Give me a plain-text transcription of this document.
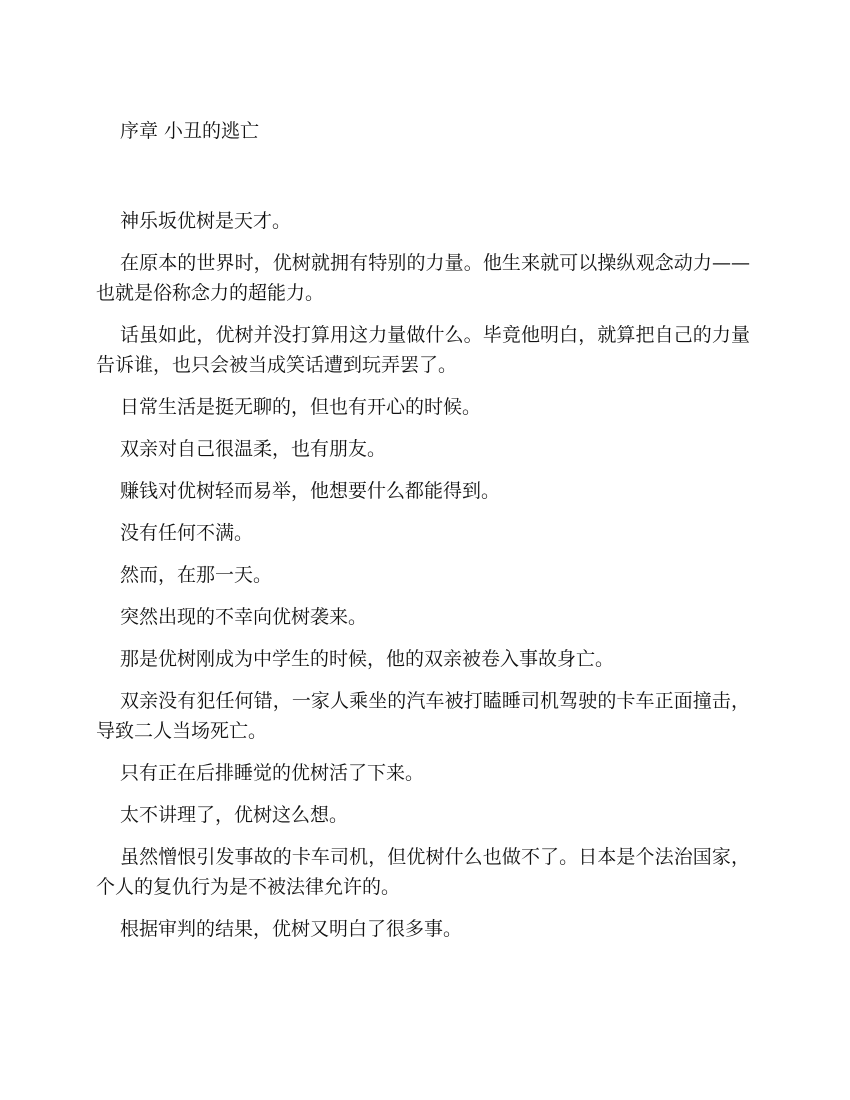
序章 小丑的逃亡

神乐坂优树是天才。

在原本的世界时，优树就拥有特别的力量。他生来就可以操纵观念动力——也就是俗称念力的超能力。

话虽如此，优树并没打算用这力量做什么。毕竟他明白，就算把自己的力量告诉谁，也只会被当成笑话遭到玩弄罢了。

日常生活是挺无聊的，但也有开心的时候。

双亲对自己很温柔，也有朋友。

赚钱对优树轻而易举，他想要什么都能得到。

没有任何不满。

然而，在那一天。

突然出现的不幸向优树袭来。

那是优树刚成为中学生的时候，他的双亲被卷入事故身亡。

双亲没有犯任何错，一家人乘坐的汽车被打瞌睡司机驾驶的卡车正面撞击，导致二人当场死亡。

只有正在后排睡觉的优树活了下来。

太不讲理了，优树这么想。

虽然憎恨引发事故的卡车司机，但优树什么也做不了。日本是个法治国家，个人的复仇行为是不被法律允许的。

根据审判的结果，优树又明白了很多事。
